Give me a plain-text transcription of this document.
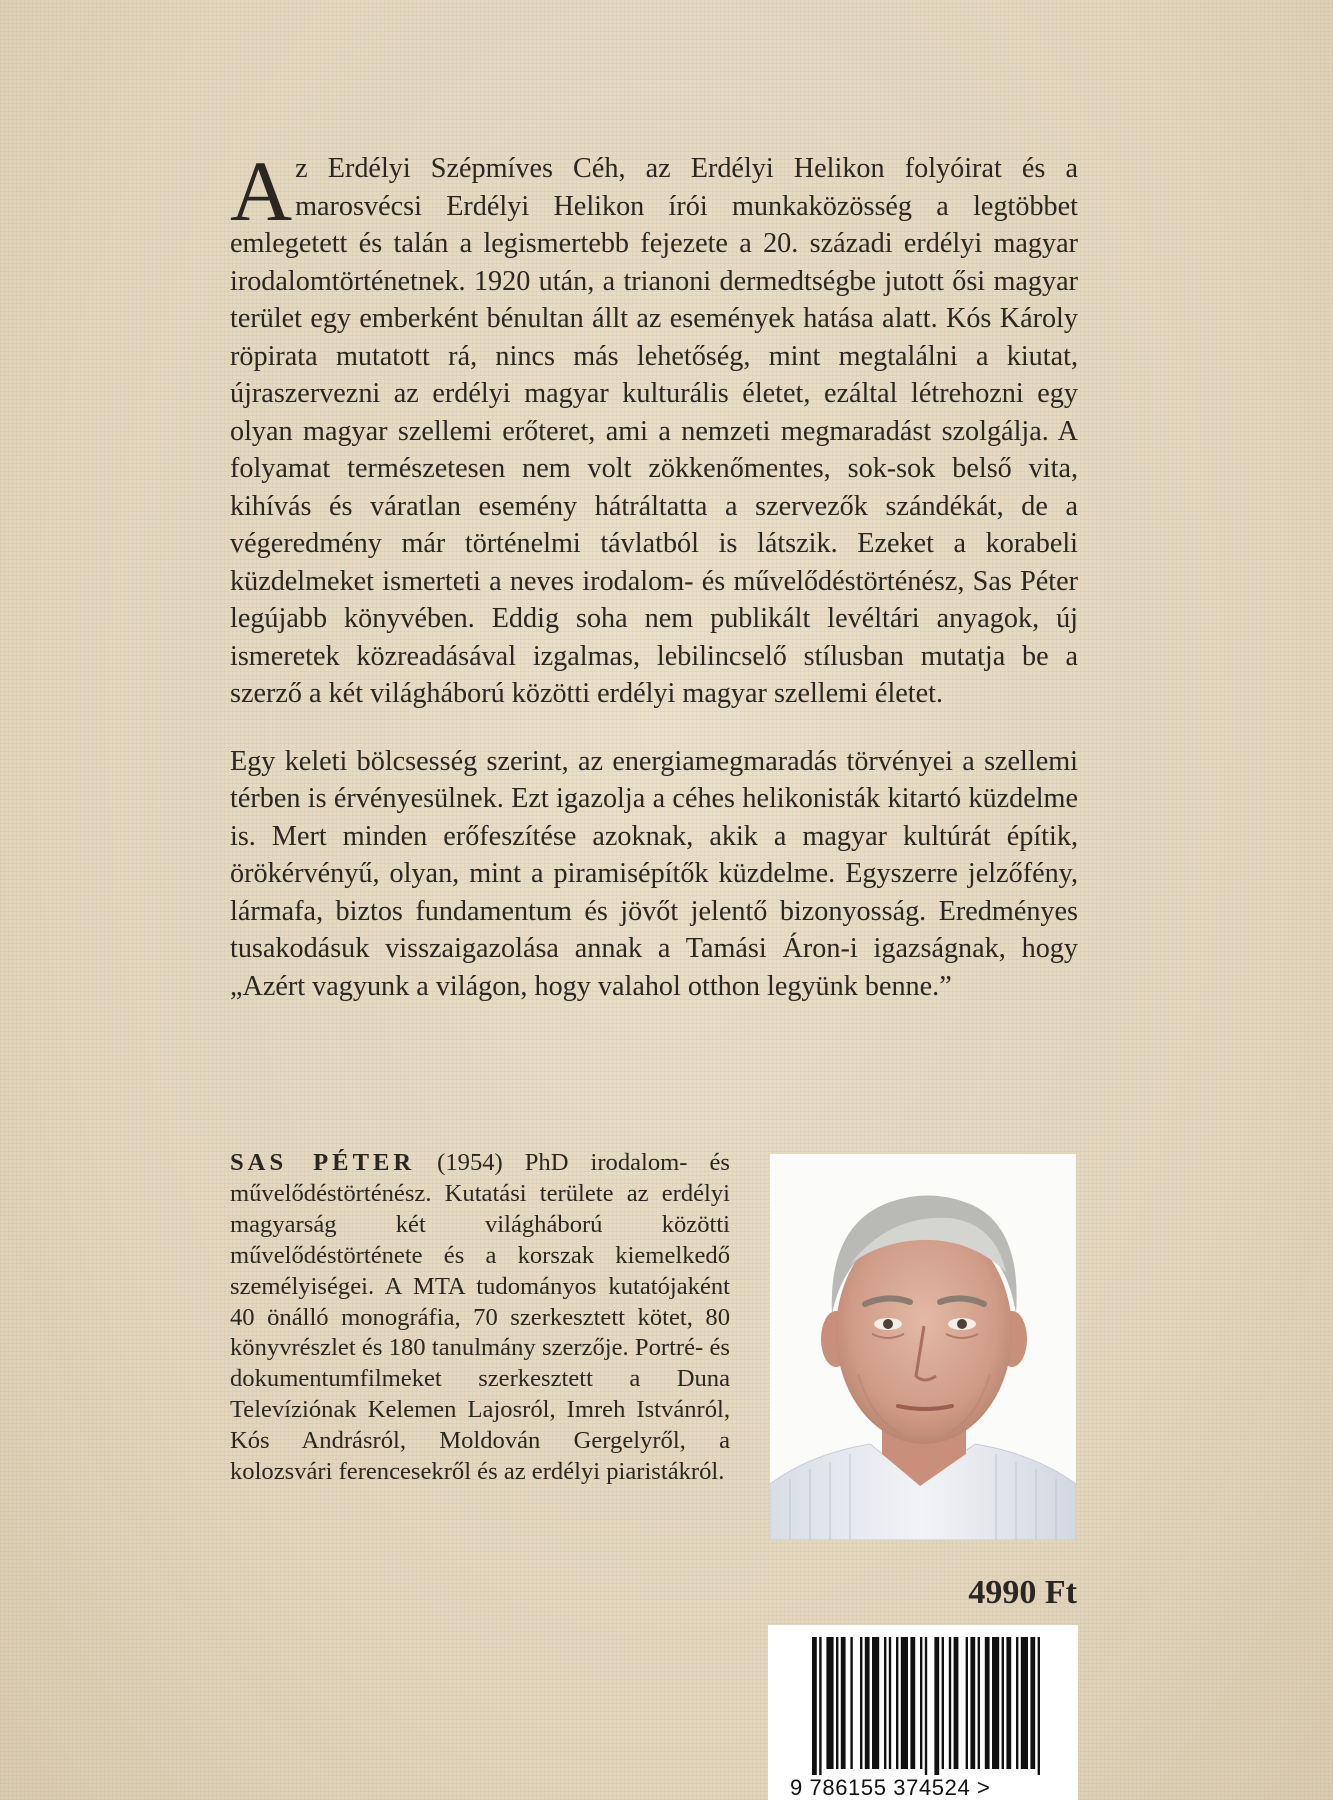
Az Erdélyi Szépmíves Céh, az Erdélyi Helikon folyóirat és a marosvécsi Erdélyi Helikon írói munkaközösség a legtöbbet emlegetett és talán a legismertebb fejezete a 20. századi erdélyi magyar irodalomtörténetnek. 1920 után, a trianoni dermedtségbe jutott ősi magyar terület egy emberként bénultan állt az események hatása alatt. Kós Károly röpirata mutatott rá, nincs más lehetőség, mint megtalálni a kiutat, újraszervezni az erdélyi magyar kulturális életet, ezáltal létrehozni egy olyan magyar szellemi erőteret, ami a nemzeti megmaradást szolgálja. A folyamat természetesen nem volt zökkenőmentes, sok-sok belső vita, kihívás és váratlan esemény hátráltatta a szervezők szándékát, de a végeredmény már történelmi távlatból is látszik. Ezeket a korabeli küzdelmeket ismerteti a neves irodalom- és művelődéstörténész, Sas Péter legújabb könyvében. Eddig soha nem publikált levéltári anyagok, új ismeretek közreadásával izgalmas, lebilincselő stílusban mutatja be a szerző a két világháború közötti erdélyi magyar szellemi életet.

Egy keleti bölcsesség szerint, az energiamegmaradás törvényei a szellemi térben is érvényesülnek. Ezt igazolja a céhes helikonisták kitartó küzdelme is. Mert minden erőfeszítése azoknak, akik a magyar kultúrát építik, örökérvényű, olyan, mint a piramisépítők küzdelme. Egyszerre jelzőfény, lármafa, biztos fundamentum és jövőt jelentő bizonyosság. Eredményes tusakodásuk visszaigazolása annak a Tamási Áron-i igazságnak, hogy „Azért vagyunk a világon, hogy valahol otthon legyünk benne.”

SAS PÉTER (1954) PhD irodalom- és művelődéstörténész. Kutatási területe az erdélyi magyarság két világháború közötti művelődéstörténete és a korszak kiemelkedő személyiségei. A MTA tudományos kutatójaként 40 önálló monográfia, 70 szerkesztett kötet, 80 könyvrészlet és 180 tanulmány szerzője. Portré- és dokumentumfilmeket szerkesztett a Duna Televíziónak Kelemen Lajosról, Imreh Istvánról, Kós Andrásról, Moldován Gergelyről, a kolozsvári ferencesekről és az erdélyi piaristákról.
4990 Ft
9 786155 374524 >
